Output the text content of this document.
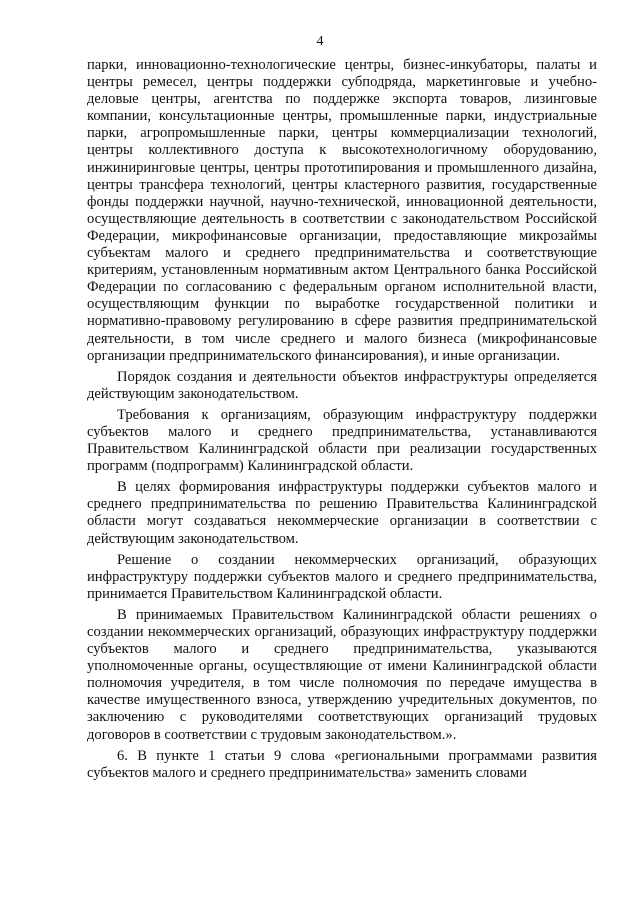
4

парки, инновационно-технологические центры, бизнес-инкубаторы, палаты и центры ремесел, центры поддержки субподряда, маркетинговые и учебно-деловые центры, агентства по поддержке экспорта товаров, лизинговые компании, консультационные центры, промышленные парки, индустриальные парки, агропромышленные парки, центры коммерциализации технологий, центры коллективного доступа к высокотехнологичному оборудованию, инжиниринговые центры, центры прототипирования и промышленного дизайна, центры трансфера технологий, центры кластерного развития, государственные фонды поддержки научной, научно-технической, инновационной деятельности, осуществляющие деятельность в соответствии с законодательством Российской Федерации, микрофинансовые организации, предоставляющие микрозаймы субъектам малого и среднего предпринимательства и соответствующие критериям, установленным нормативным актом Центрального банка Российской Федерации по согласованию с федеральным органом исполнительной власти, осуществляющим функции по выработке государственной политики и нормативно-правовому регулированию в сфере развития предпринимательской деятельности, в том числе среднего и малого бизнеса (микрофинансовые организации предпринимательского финансирования), и иные организации.

Порядок создания и деятельности объектов инфраструктуры определяется действующим законодательством.

Требования к организациям, образующим инфраструктуру поддержки субъектов малого и среднего предпринимательства, устанавливаются Правительством Калининградской области при реализации государственных программ (подпрограмм) Калининградской области.

В целях формирования инфраструктуры поддержки субъектов малого и среднего предпринимательства по решению Правительства Калининградской области могут создаваться некоммерческие организации в соответствии с действующим законодательством.

Решение о создании некоммерческих организаций, образующих инфраструктуру поддержки субъектов малого и среднего предпринимательства, принимается Правительством Калининградской области.

В принимаемых Правительством Калининградской области решениях о создании некоммерческих организаций, образующих инфраструктуру поддержки субъектов малого и среднего предпринимательства, указываются уполномоченные органы, осуществляющие от имени Калининградской области полномочия учредителя, в том числе полномочия по передаче имущества в качестве имущественного взноса, утверждению учредительных документов, по заключению с руководителями соответствующих организаций трудовых договоров в соответствии с трудовым законодательством.».

6. В пункте 1 статьи 9 слова «региональными программами развития субъектов малого и среднего предпринимательства» заменить словами
